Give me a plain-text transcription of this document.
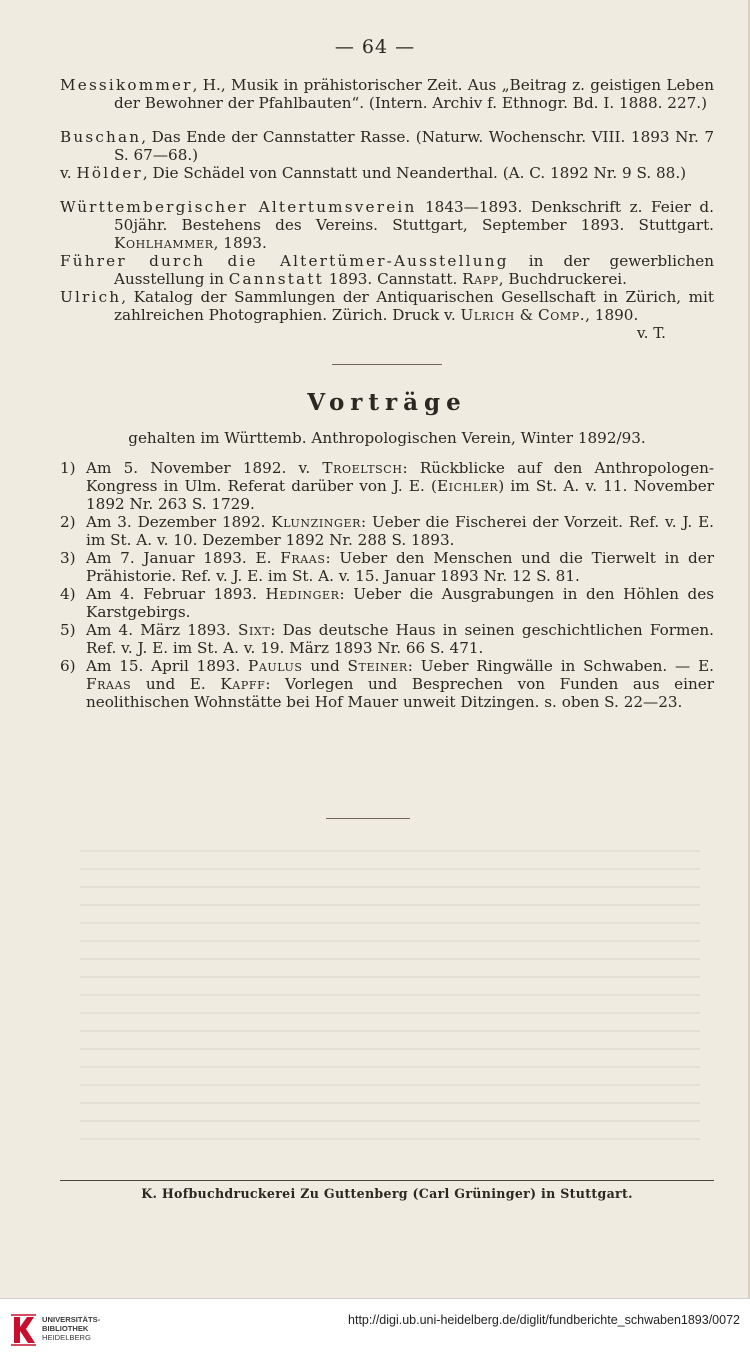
— 64 —

Messikommer, H., Musik in prähistorischer Zeit. Aus „Beitrag z. geistigen Leben der Bewohner der Pfahlbauten“. (Intern. Archiv f. Ethnogr. Bd. I. 1888. 227.)

Buschan, Das Ende der Cannstatter Rasse. (Naturw. Wochenschr. VIII. 1893 Nr. 7 S. 67—68.)

v. Hölder, Die Schädel von Cannstatt und Neanderthal. (A. C. 1892 Nr. 9 S. 88.)

Württembergischer Altertumsverein 1843—1893. Denkschrift z. Feier d. 50jähr. Bestehens des Vereins. Stuttgart, September 1893. Stuttgart. Kohlhammer, 1893.

Führer durch die Altertümer-Ausstellung in der gewerblichen Ausstellung in Cannstatt 1893. Cannstatt. Rapp, Buchdruckerei.

Ulrich, Katalog der Sammlungen der Antiquarischen Gesellschaft in Zürich, mit zahlreichen Photographien. Zürich. Druck v. Ulrich & Comp., 1890.

v. T.

Vorträge

gehalten im Württemb. Anthropologischen Verein, Winter 1892/93.

1) Am 5. November 1892. v. Troeltsch: Rückblicke auf den Anthropologen-Kongress in Ulm. Referat darüber von J. E. (Eichler) im St. A. v. 11. November 1892 Nr. 263 S. 1729.

2) Am 3. Dezember 1892. Klunzinger: Ueber die Fischerei der Vorzeit. Ref. v. J. E. im St. A. v. 10. Dezember 1892 Nr. 288 S. 1893.

3) Am 7. Januar 1893. E. Fraas: Ueber den Menschen und die Tierwelt in der Prähistorie. Ref. v. J. E. im St. A. v. 15. Januar 1893 Nr. 12 S. 81.

4) Am 4. Februar 1893. Hedinger: Ueber die Ausgrabungen in den Höhlen des Karstgebirgs.

5) Am 4. März 1893. Sixt: Das deutsche Haus in seinen geschichtlichen Formen. Ref. v. J. E. im St. A. v. 19. März 1893 Nr. 66 S. 471.

6) Am 15. April 1893. Paulus und Steiner: Ueber Ringwälle in Schwaben. — E. Fraas und E. Kapff: Vorlegen und Besprechen von Funden aus einer neolithischen Wohnstätte bei Hof Mauer unweit Ditzingen. s. oben S. 22—23.

K. Hofbuchdruckerei Zu Guttenberg (Carl Grüninger) in Stuttgart.
UNIVERSITÄTS-
BIBLIOTHEK
HEIDELBERG
http://digi.ub.uni-heidelberg.de/diglit/fundberichte_schwaben1893/0072
